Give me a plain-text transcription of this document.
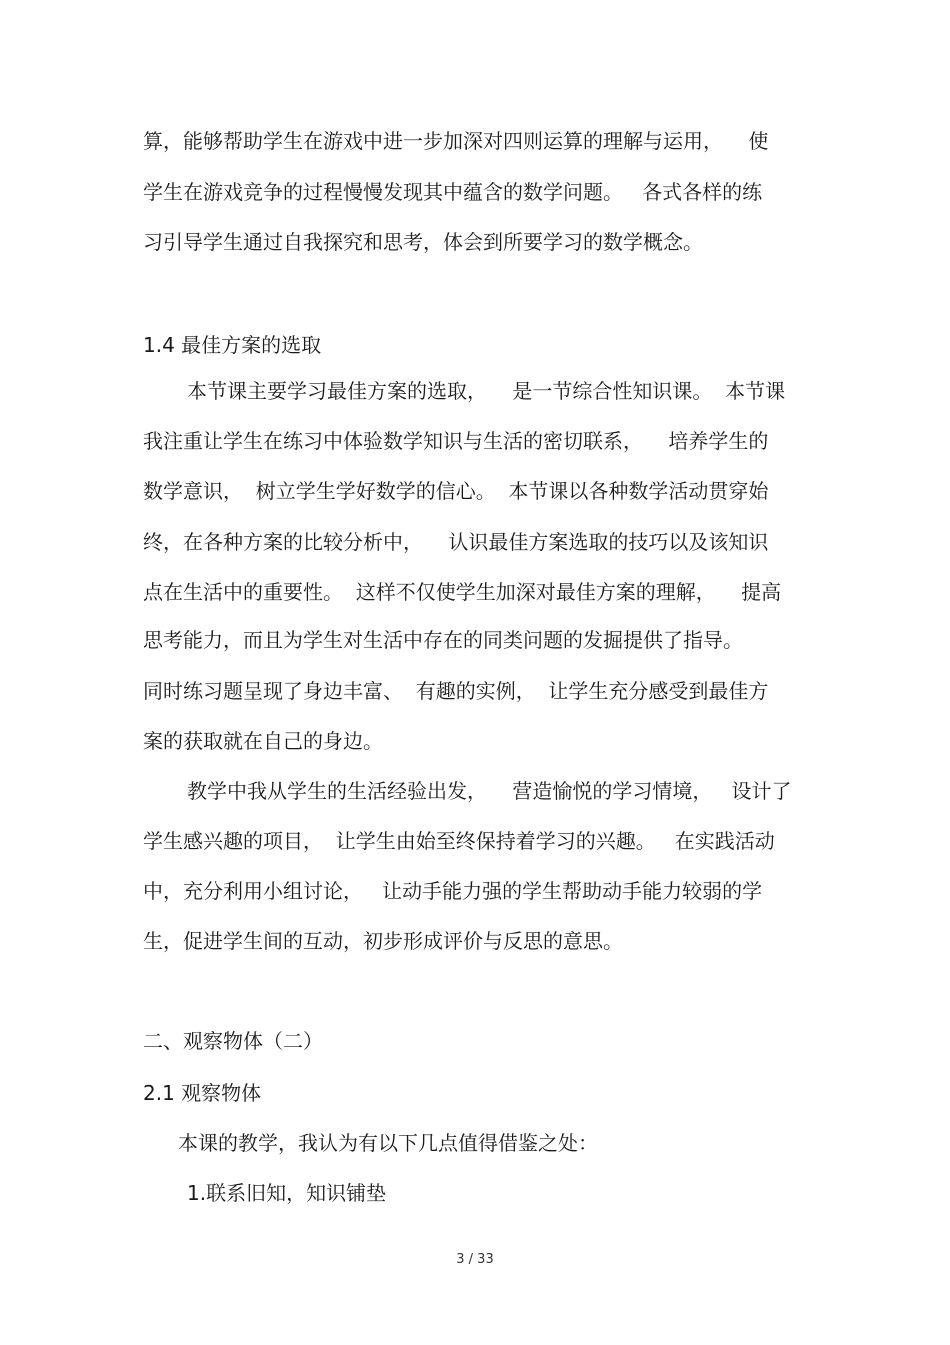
算，能够帮助学生在游戏中进一步加深对四则运算的理解与运用，    使
学生在游戏竞争的过程慢慢发现其中蕴含的数学问题。   各式各样的练
习引导学生通过自我探究和思考，体会到所要学习的数学概念。
1.4 最佳方案的选取
本节课主要学习最佳方案的选取，    是一节综合性知识课。  本节课
我注重让学生在练习中体验数学知识与生活的密切联系，    培养学生的
数学意识，  树立学生学好数学的信心。  本节课以各种数学活动贯穿始
终，在各种方案的比较分析中，    认识最佳方案选取的技巧以及该知识
点在生活中的重要性。  这样不仅使学生加深对最佳方案的理解，    提高
思考能力，而且为学生对生活中存在的同类问题的发掘提供了指导。
同时练习题呈现了身边丰富、  有趣的实例，  让学生充分感受到最佳方
案的获取就在自己的身边。
教学中我从学生的生活经验出发，    营造愉悦的学习情境，   设计了
学生感兴趣的项目，  让学生由始至终保持着学习的兴趣。   在实践活动
中，充分利用小组讨论，   让动手能力强的学生帮助动手能力较弱的学
生，促进学生间的互动，初步形成评价与反思的意思。
二、观察物体（二）
2.1 观察物体
本课的教学，我认为有以下几点值得借鉴之处：
1.联系旧知，知识铺垫
3 / 33
